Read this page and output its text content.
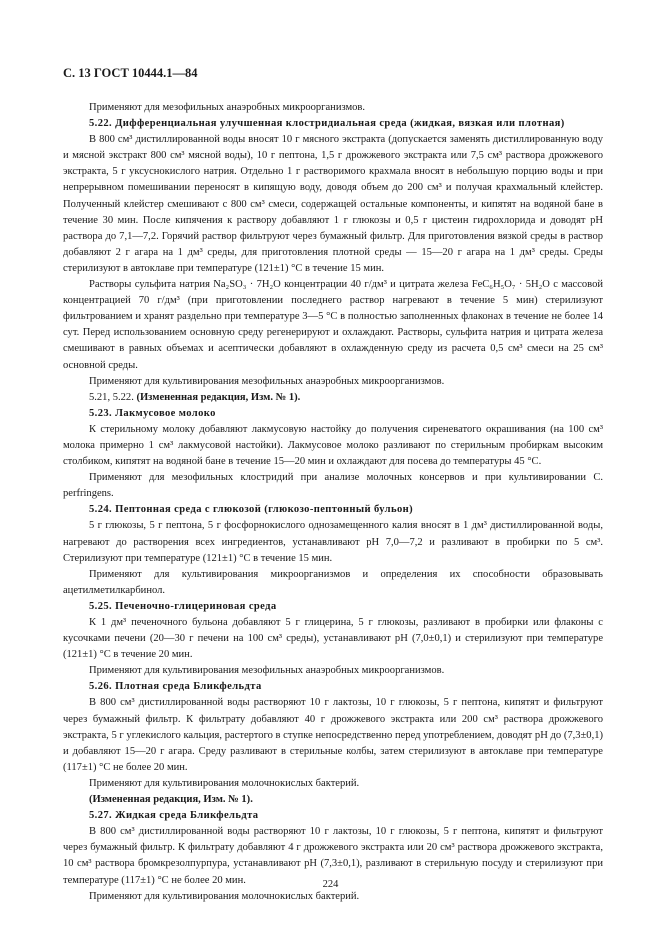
С. 13 ГОСТ 10444.1—84

Применяют для мезофильных анаэробных микроорганизмов.

5.22. Дифференциальная улучшенная клостридиальная среда (жидкая, вязкая или плотная)

В 800 см³ дистиллированной воды вносят 10 г мясного экстракта (допускается заменять дистиллированную воду и мясной экстракт 800 см³ мясной воды), 10 г пептона, 1,5 г дрожжевого экстракта или 7,5 см³ раствора дрожжевого экстракта, 5 г уксуснокислого натрия. Отдельно 1 г растворимого крахмала вносят в небольшую порцию воды и при непрерывном помешивании переносят в кипящую воду, доводя объем до 200 см³ и получая крахмальный клейстер. Полученный клейстер смешивают с 800 см³ смеси, содержащей остальные компоненты, и кипятят на водяной бане в течение 30 мин. После кипячения к раствору добавляют 1 г глюкозы и 0,5 г цистеин гидрохлорида и доводят pH раствора до 7,1—7,2. Горячий раствор фильтруют через бумажный фильтр. Для приготовления вязкой среды в раствор добавляют 2 г агара на 1 дм³ среды, для приготовления плотной среды — 15—20 г агара на 1 дм³ среды. Среды стерилизуют в автоклаве при температуре (121±1) °С в течение 15 мин.

Растворы сульфита натрия Na₂SO₃ · 7H₂O концентрации 40 г/дм³ и цитрата железа FeC₆H₅O₇ · 5H₂O с массовой концентрацией 70 г/дм³ (при приготовлении последнего раствор нагревают в течение 5 мин) стерилизуют фильтрованием и хранят раздельно при температуре 3—5 °С в полностью заполненных флаконах в течение не более 14 сут. Перед использованием основную среду регенерируют и охлаждают. Растворы, сульфита натрия и цитрата железа смешивают в равных объемах и асептически добавляют в охлажденную среду из расчета 0,5 см³ смеси на 25 см³ основной среды.

Применяют для культивирования мезофильных анаэробных микроорганизмов.

5.21, 5.22. (Измененная редакция, Изм. № 1).

5.23. Лакмусовое молоко

К стерильному молоку добавляют лакмусовую настойку до получения сиреневатого окрашивания (на 100 см³ молока примерно 1 см³ лакмусовой настойки). Лакмусовое молоко разливают по стерильным пробиркам высоким столбиком, кипятят на водяной бане в течение 15—20 мин и охлаждают для посева до температуры 45 °С.

Применяют для мезофильных клостридий при анализе молочных консервов и при культивировании C. perfringens.

5.24. Пептонная среда с глюкозой (глюкозо-пептонный бульон)

5 г глюкозы, 5 г пептона, 5 г фосфорнокислого однозамещенного калия вносят в 1 дм³ дистиллированной воды, нагревают до растворения всех ингредиентов, устанавливают pH 7,0—7,2 и разливают в пробирки по 5 см³. Стерилизуют при температуре (121±1) °С в течение 15 мин.

Применяют для культивирования микроорганизмов и определения их способности образовывать ацетилметилкарбинол.

5.25. Печеночно-глицериновая среда

К 1 дм³ печеночного бульона добавляют 5 г глицерина, 5 г глюкозы, разливают в пробирки или флаконы с кусочками печени (20—30 г печени на 100 см³ среды), устанавливают pH (7,0±0,1) и стерилизуют при температуре (121±1) °С в течение 20 мин.

Применяют для культивирования мезофильных анаэробных микроорганизмов.

5.26. Плотная среда Бликфельдта

В 800 см³ дистиллированной воды растворяют 10 г лактозы, 10 г глюкозы, 5 г пептона, кипятят и фильтруют через бумажный фильтр. К фильтрату добавляют 40 г дрожжевого экстракта или 200 см³ раствора дрожжевого экстракта, 5 г углекислого кальция, растертого в ступке непосредственно перед употреблением, доводят pH до (7,3±0,1) и добавляют 15—20 г агара. Среду разливают в стерильные колбы, затем стерилизуют в автоклаве при температуре (117±1) °С не более 20 мин.

Применяют для культивирования молочнокислых бактерий.

(Измененная редакция, Изм. № 1).

5.27. Жидкая среда Бликфельдта

В 800 см³ дистиллированной воды растворяют 10 г лактозы, 10 г глюкозы, 5 г пептона, кипятят и фильтруют через бумажный фильтр. К фильтрату добавляют 4 г дрожжевого экстракта или 20 см³ раствора дрожжевого экстракта, 10 см³ раствора бромкрезолпурпура, устанавливают pH (7,3±0,1), разливают в стерильную посуду и стерилизуют при температуре (117±1) °С не более 20 мин.

Применяют для культивирования молочнокислых бактерий.

224
